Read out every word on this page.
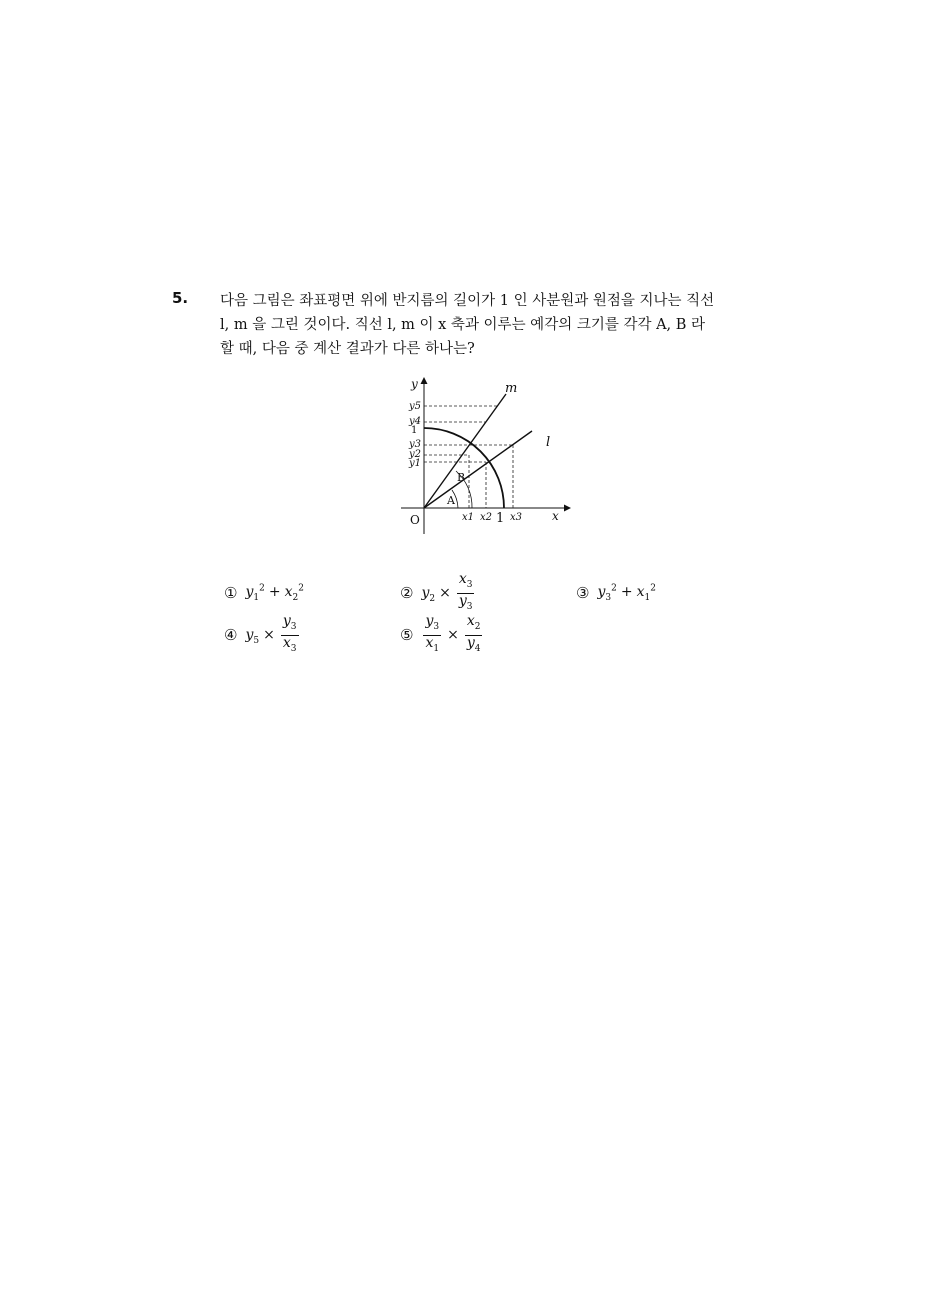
5. 다음 그림은 좌표평면 위에 반지름의 길이가 1 인 사분원과 원점을 지나는 직선
l, m 을 그린 것이다. 직선 l, m 이 x 축과 이루는 예각의 크기를 각각 A, B 라
할 때, 다음 중 계산 결과가 다른 하나는?
y
x
O
m
l
A
B
y5
y4
1
y3
y2
y1
x1 x2 1 x3
① $y_1^2 + x_2^2$	② $y_2 \times \frac{x_3}{y_3}$	③ $y_3^2 + x_1^2$
④ $y_5 \times \frac{y_3}{x_3}$	⑤ $\frac{y_3}{x_1} \times \frac{x_2}{y_4}$
